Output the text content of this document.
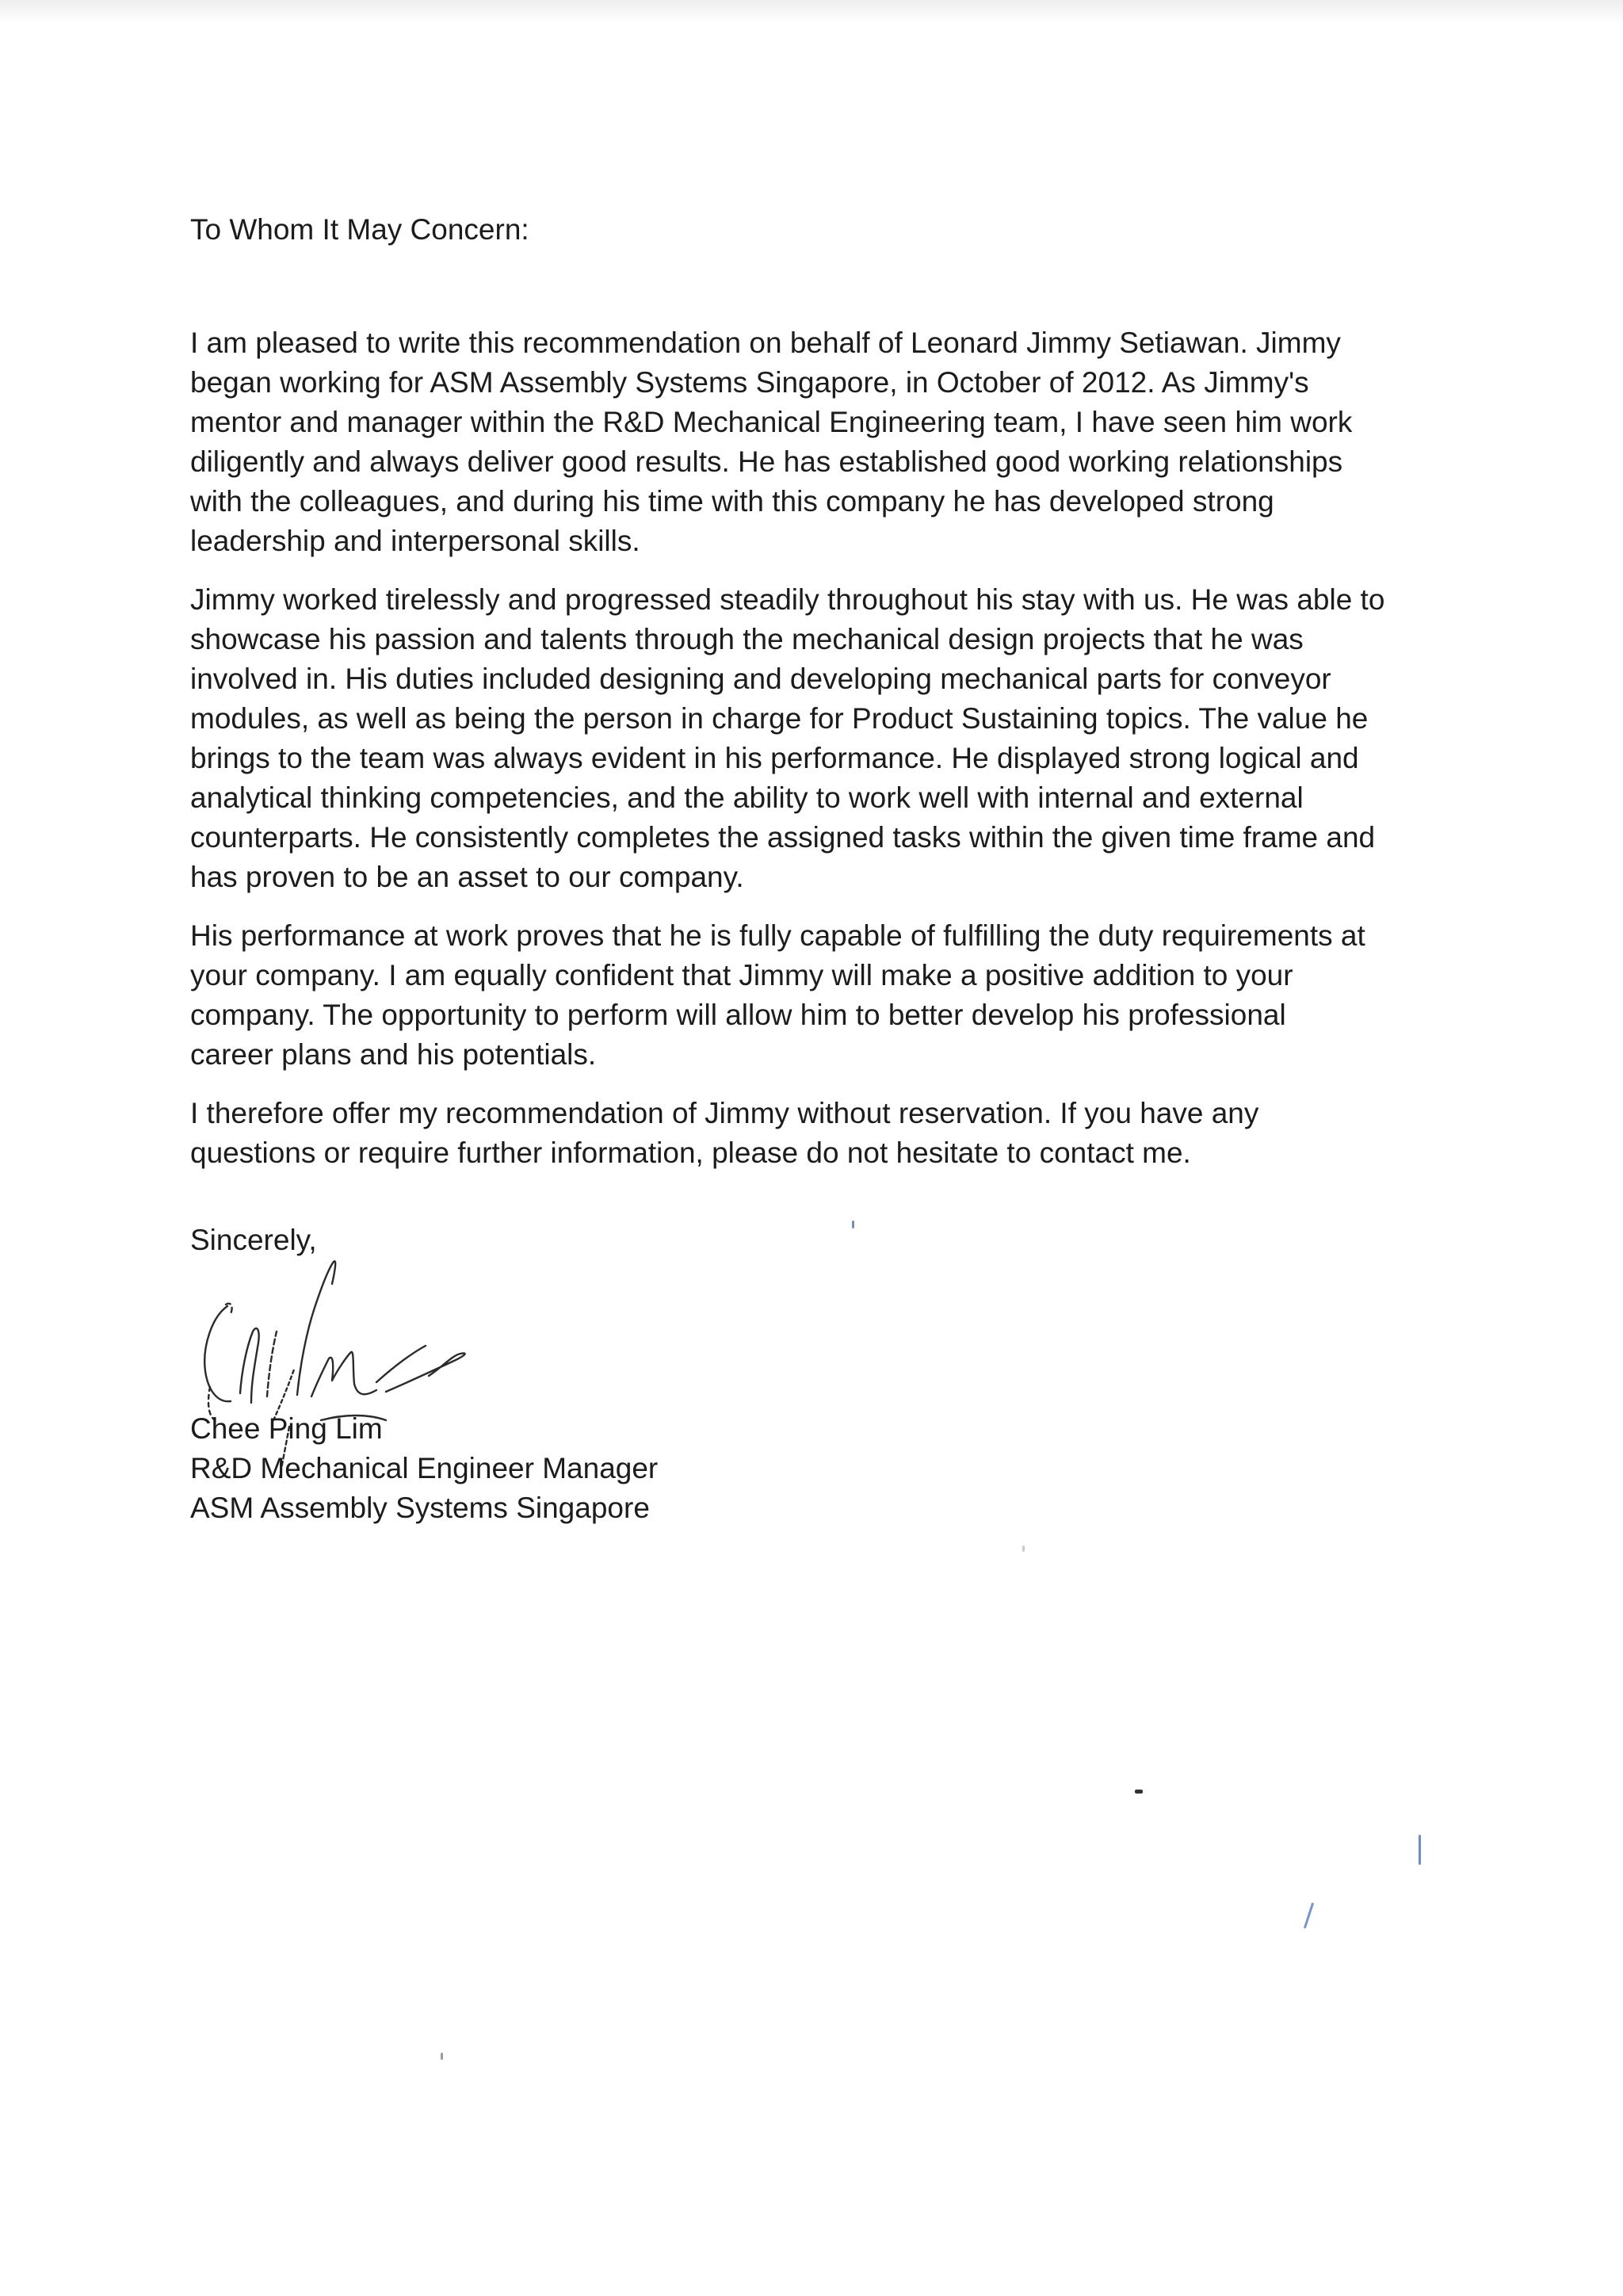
To Whom It May Concern:

I am pleased to write this recommendation on behalf of Leonard Jimmy Setiawan. Jimmy
began working for ASM Assembly Systems Singapore, in October of 2012. As Jimmy's
mentor and manager within the R&D Mechanical Engineering team, I have seen him work
diligently and always deliver good results. He has established good working relationships
with the colleagues, and during his time with this company he has developed strong
leadership and interpersonal skills.

Jimmy worked tirelessly and progressed steadily throughout his stay with us. He was able to
showcase his passion and talents through the mechanical design projects that he was
involved in. His duties included designing and developing mechanical parts for conveyor
modules, as well as being the person in charge for Product Sustaining topics. The value he
brings to the team was always evident in his performance. He displayed strong logical and
analytical thinking competencies, and the ability to work well with internal and external
counterparts. He consistently completes the assigned tasks within the given time frame and
has proven to be an asset to our company.

His performance at work proves that he is fully capable of fulfilling the duty requirements at
your company. I am equally confident that Jimmy will make a positive addition to your
company. The opportunity to perform will allow him to better develop his professional
career plans and his potentials.

I therefore offer my recommendation of Jimmy without reservation. If you have any
questions or require further information, please do not hesitate to contact me.

Sincerely,

Chee Ping Lim
R&D Mechanical Engineer Manager
ASM Assembly Systems Singapore
